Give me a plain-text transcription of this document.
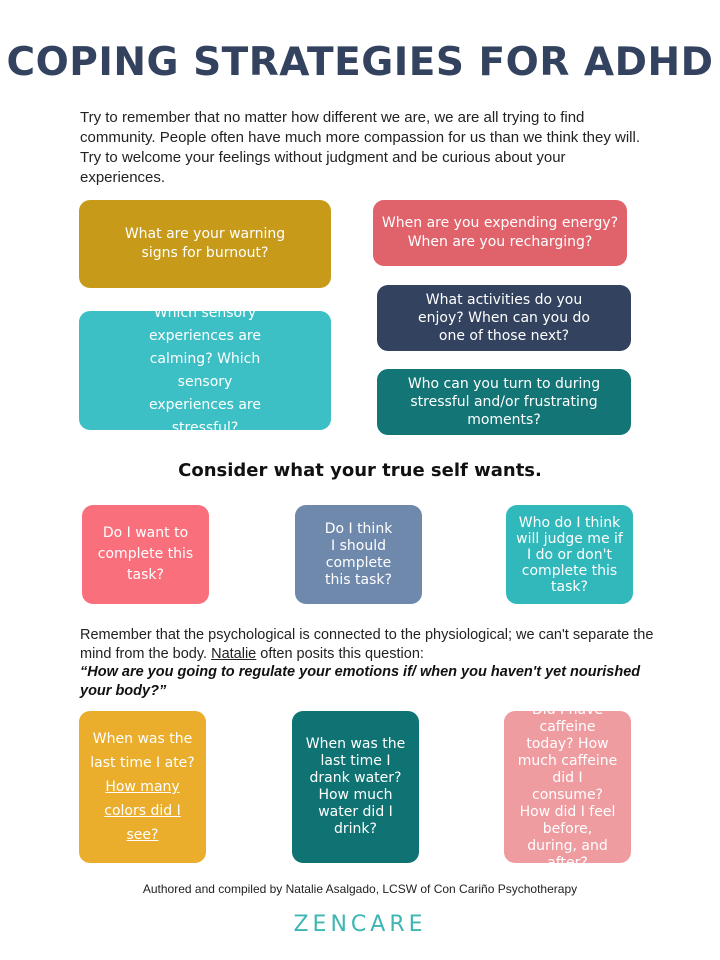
COPING STRATEGIES FOR ADHD
Try to remember that no matter how different we are, we are all trying to find community. People often have much more compassion for us than we think they will. Try to welcome your feelings without judgment and be curious about your experiences.
What are your warning signs for burnout?
When are you expending energy? When are you recharging?
What activities do you enjoy? When can you do one of those next?
Which sensory experiences are calming? Which sensory experiences are stressful?
Who can you turn to during stressful and/or frustrating moments?
Consider what your true self wants.
Do I want to complete this task?
Do I think I should complete this task?
Who do I think will judge me if I do or don't complete this task?
Remember that the psychological is connected to the physiological; we can't separate the mind from the body. Natalie often posits this question:
“How are you going to regulate your emotions if/ when you haven't yet nourished your body?”
When was the last time I ate?
How many colors did I see?
When was the last time I drank water? How much water did I drink?
Did I have caffeine today? How much caffeine did I consume? How did I feel before, during, and after?
Authored and compiled by Natalie Asalgado, LCSW of Con Cariño Psychotherapy
ZENCARE
